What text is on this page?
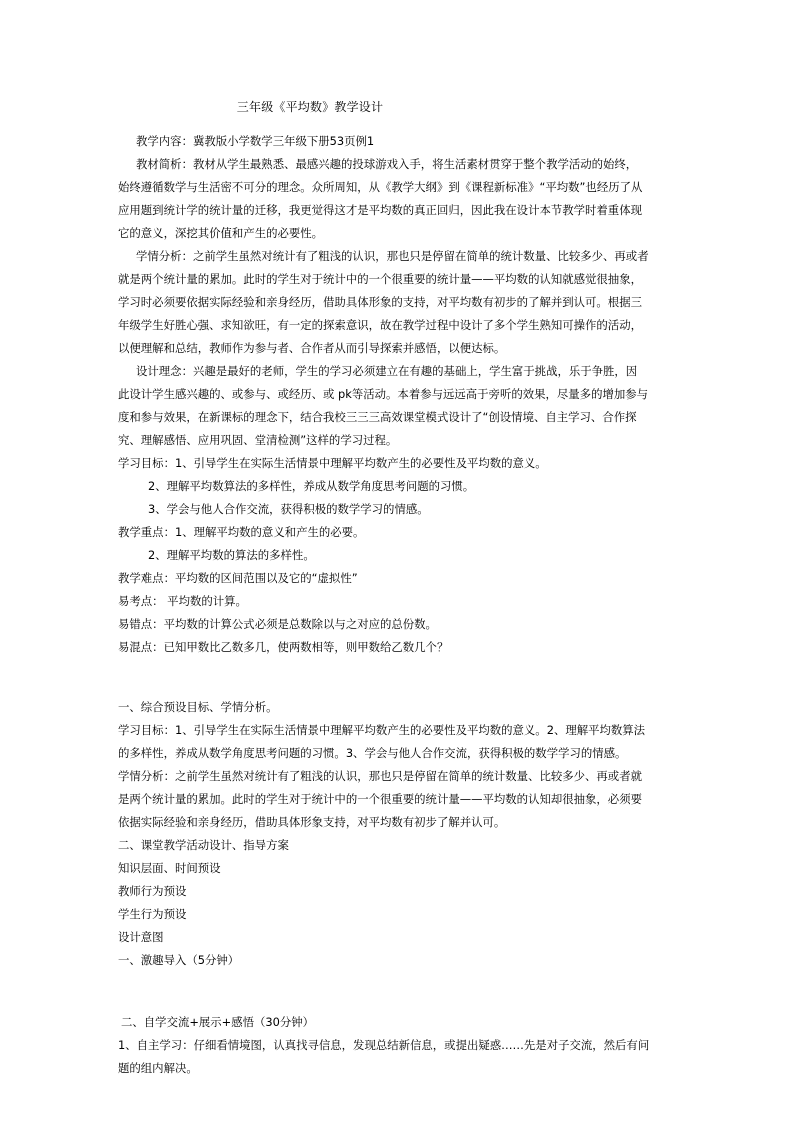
三年级《平均数》教学设计
教学内容：冀教版小学数学三年级下册53页例1
教材简析：教材从学生最熟悉、最感兴趣的投球游戏入手，将生活素材贯穿于整个教学活动的始终，
始终遵循数学与生活密不可分的理念。众所周知，从《教学大纲》到《课程新标准》“平均数”也经历了从
应用题到统计学的统计量的迁移，我更觉得这才是平均数的真正回归，因此我在设计本节教学时着重体现
它的意义，深挖其价值和产生的必要性。
学情分析：之前学生虽然对统计有了粗浅的认识，那也只是停留在简单的统计数量、比较多少、再或者
就是两个统计量的累加。此时的学生对于统计中的一个很重要的统计量——平均数的认知就感觉很抽象，
学习时必须要依据实际经验和亲身经历，借助具体形象的支持，对平均数有初步的了解并到认可。根据三
年级学生好胜心强、求知欲旺，有一定的探索意识，故在教学过程中设计了多个学生熟知可操作的活动，
以便理解和总结，教师作为参与者、合作者从而引导探索并感悟，以便达标。
设计理念：兴趣是最好的老师，学生的学习必须建立在有趣的基础上，学生富于挑战，乐于争胜，因
此设计学生感兴趣的、或参与、或经历、或 pk等活动。本着参与远远高于旁听的效果，尽量多的增加参与
度和参与效果，在新课标的理念下，结合我校三三三高效课堂模式设计了“创设情境、自主学习、合作探
究、理解感悟、应用巩固、堂清检测”这样的学习过程。
学习目标：1、引导学生在实际生活情景中理解平均数产生的必要性及平均数的意义。
2、理解平均数算法的多样性，养成从数学角度思考问题的习惯。
3、学会与他人合作交流，获得积极的数学学习的情感。
教学重点：1、理解平均数的意义和产生的必要。
2、理解平均数的算法的多样性。
教学难点：平均数的区间范围以及它的“虚拟性”
易考点： 平均数的计算。
易错点：平均数的计算公式必须是总数除以与之对应的总份数。
易混点：已知甲数比乙数多几，使两数相等，则甲数给乙数几个？
一、综合预设目标、学情分析。
学习目标：1、引导学生在实际生活情景中理解平均数产生的必要性及平均数的意义。2、理解平均数算法
的多样性，养成从数学角度思考问题的习惯。3、学会与他人合作交流，获得积极的数学学习的情感。
学情分析：之前学生虽然对统计有了粗浅的认识，那也只是停留在简单的统计数量、比较多少、再或者就
是两个统计量的累加。此时的学生对于统计中的一个很重要的统计量——平均数的认知却很抽象，必须要
依据实际经验和亲身经历，借助具体形象支持，对平均数有初步了解并认可。
二、课堂教学活动设计、指导方案
知识层面、时间预设
教师行为预设
学生行为预设
设计意图
一、激趣导入（5分钟）
二、自学交流+展示+感悟（30分钟）
1、自主学习：仔细看情境图，认真找寻信息，发现总结新信息，或提出疑惑……先是对子交流，然后有问
题的组内解决。
